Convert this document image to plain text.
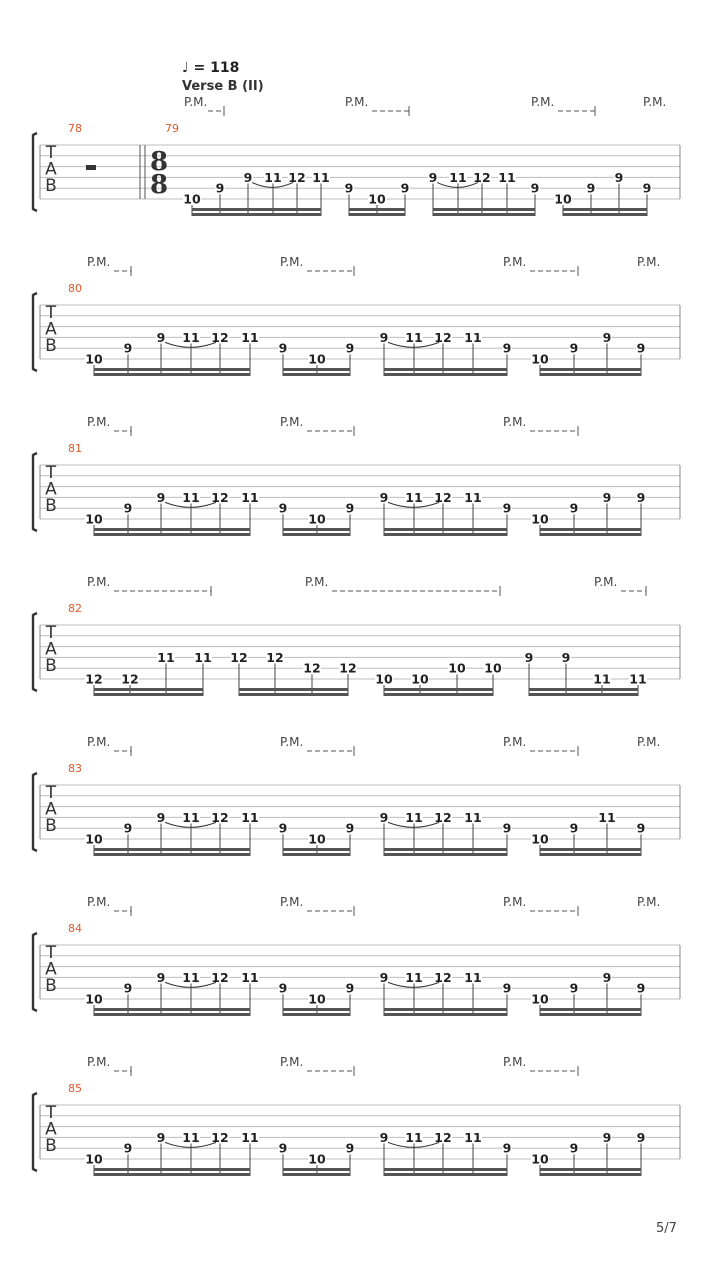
♩ = 118
Verse B (II)
T
A
B
P.M.	P.M.	P.M.	P.M.
78	79
8
8 10
9
9 11 12 11
9
10
9
9 11 12 11
9
10
9
9
9
T
A
B
P.M.	P.M.	P.M.	P.M.
80
10
9
9 11 12 11
9
10
9
9 11 12 11
9
10
9
9
9
T
A
B
P.M.	P.M.	P.M.
81
10
9
9 11 12 11
9
10
9
9 11 12 11
9
10
9
9 9
T
A
B
P.M.	P.M.	P.M.
82
12 12
11 11 12 12
12 12
10 10
10 10
9 9
11 11
T
A
B
P.M.	P.M.	P.M.	P.M.
83
10
9
9 11 12 11
9
10
9
9 11 12 11
9
10
9
11
9
T
A
B
P.M.	P.M.	P.M.	P.M.
84
10
9
9 11 12 11
9
10
9
9 11 12 11
9
10
9
9
9
T
A
B
P.M.	P.M.	P.M.
85
10
9
9 11 12 11
9
10
9
9 11 12 11
9
10
9
9 9
5/7
